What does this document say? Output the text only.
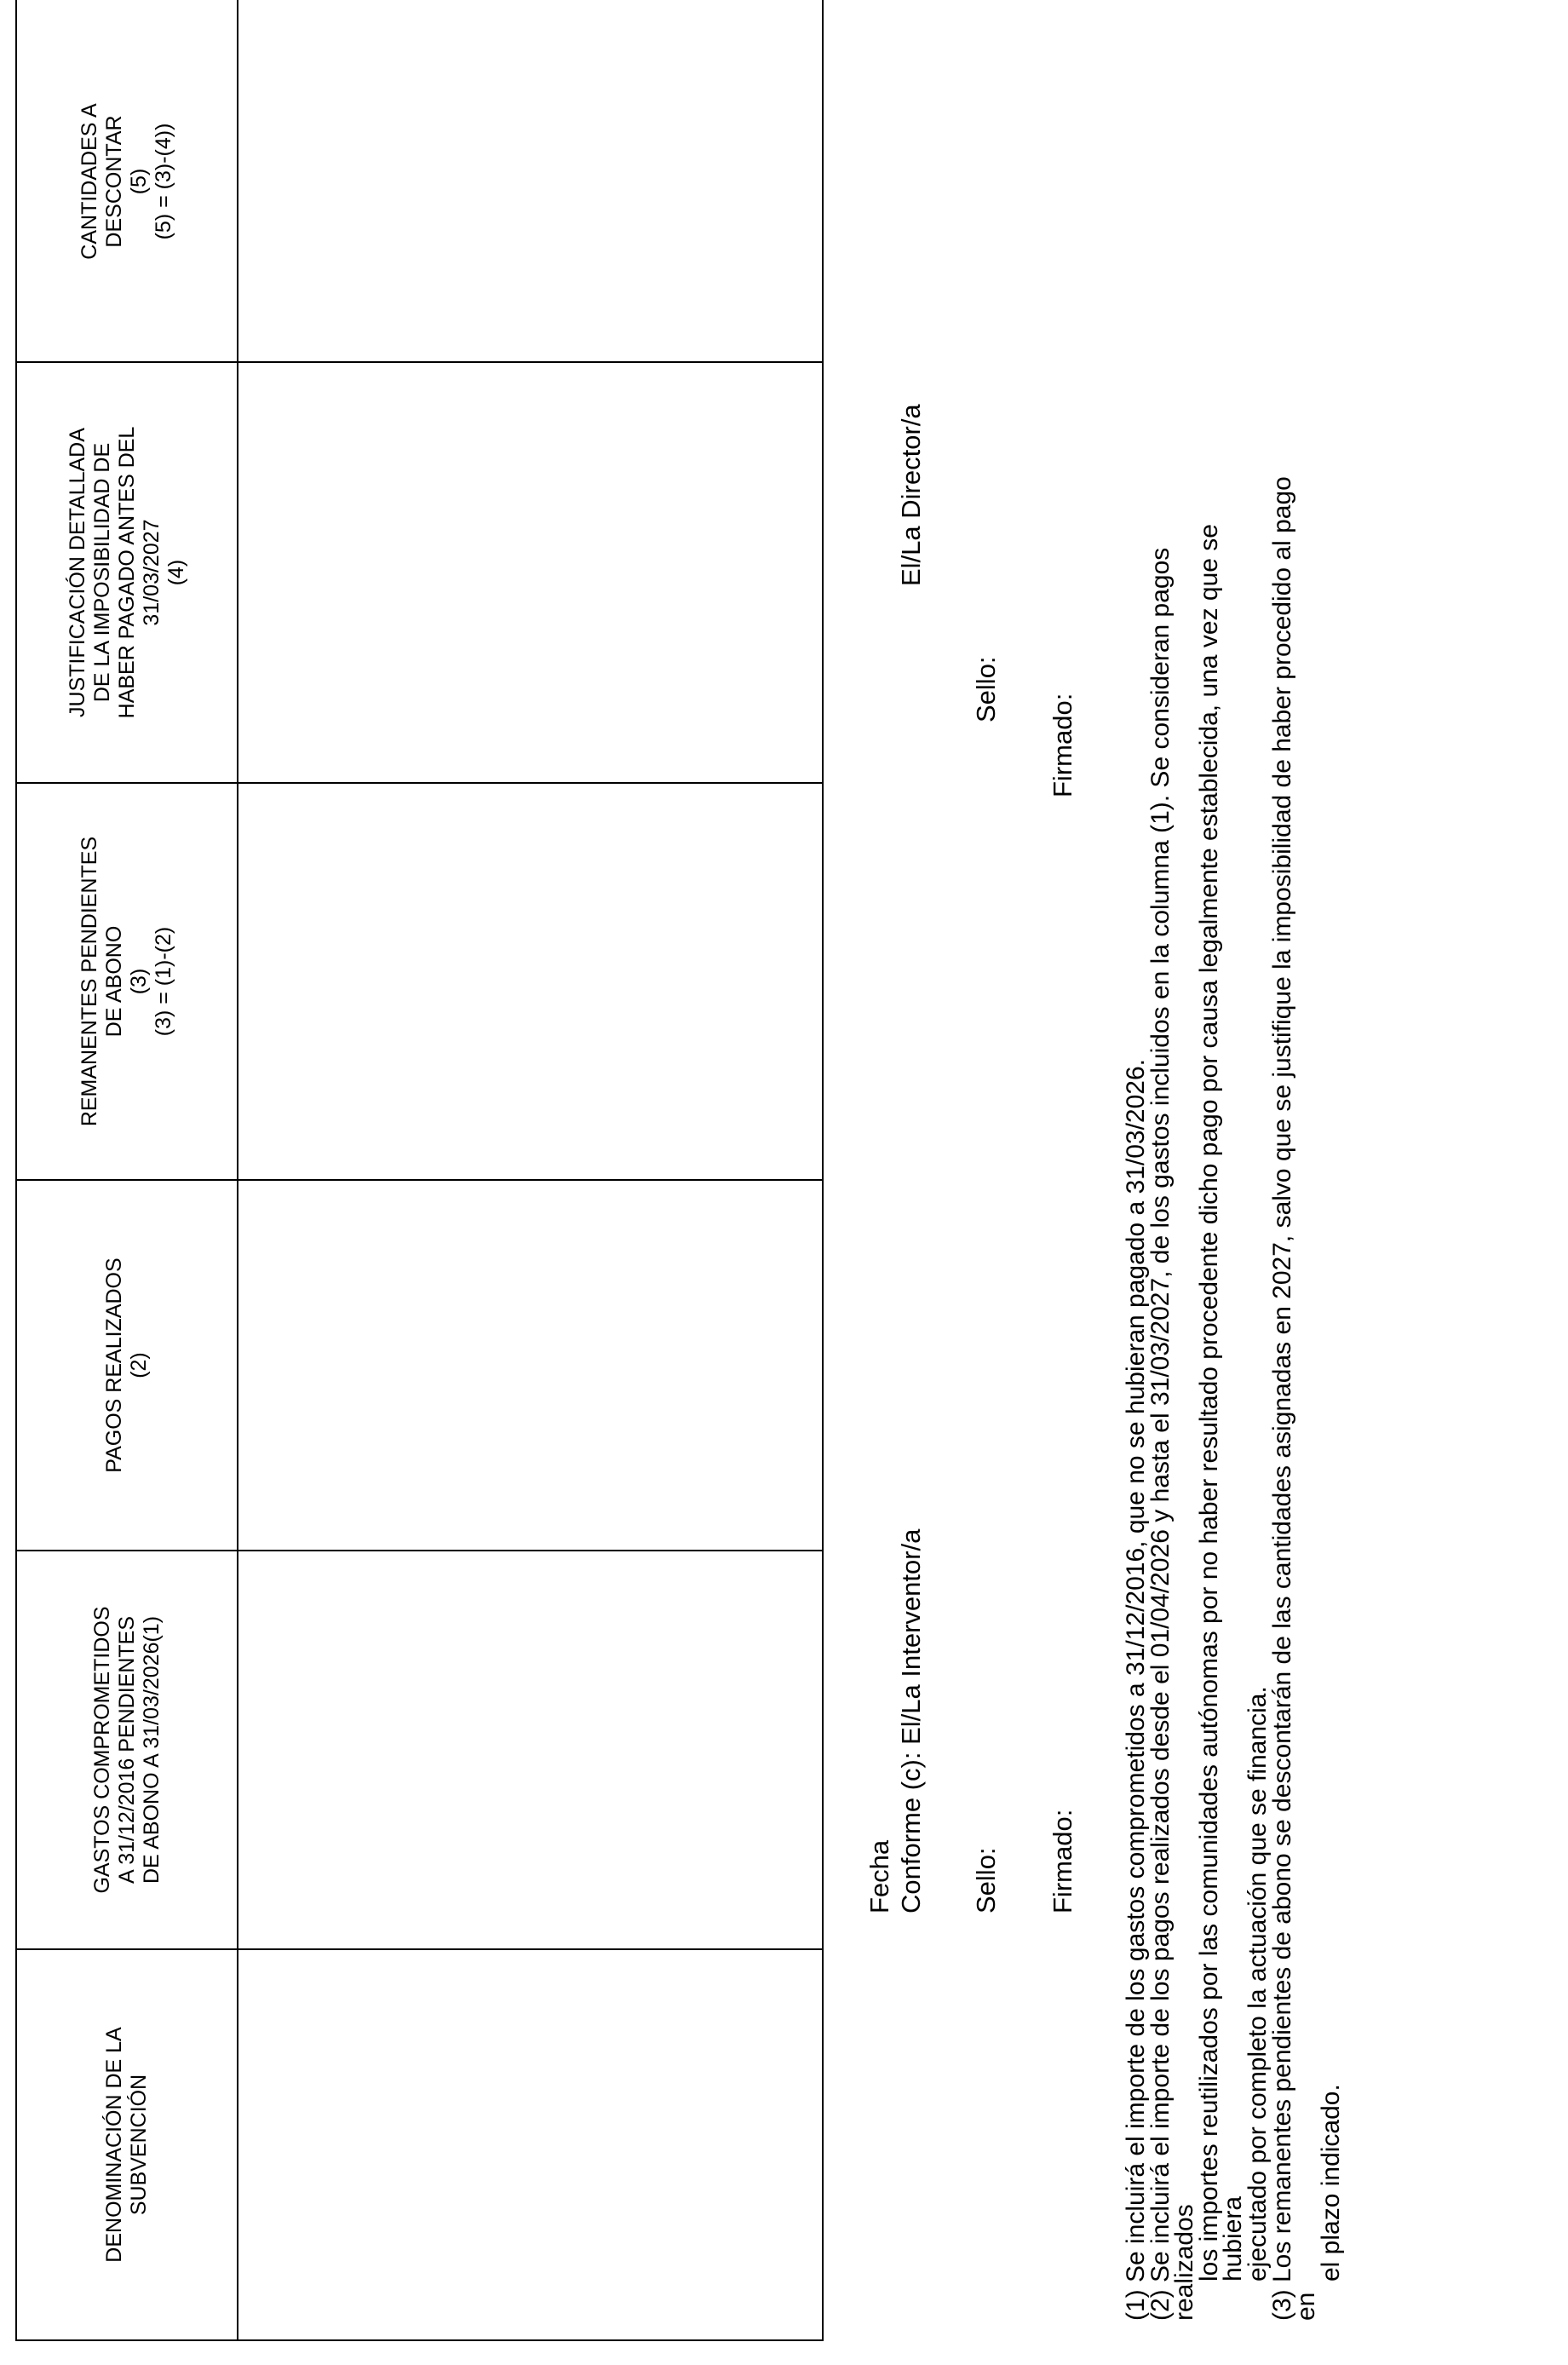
DENOMINACIÓN DE LA SUBVENCIÓN
GASTOS COMPROMETIDOS A 31/12/2016 PENDIENTES DE ABONO A 31/03/2026(1)
PAGOS REALIZADOS (2)
REMANENTES PENDIENTES DE ABONO (3) (3) = (1)-(2)
JUSTIFICACIÓN DETALLADA DE LA IMPOSIBILIDAD DE HABER PAGADO ANTES DEL 31/03/2027 (4)
CANTIDADES A DESCONTAR (5) (5) = (3)-(4))
Fecha Conforme (c): El/La Interventor/a Sello: Firmado:
El/La Director/a
Sello:
Firmado:

(1) Se incluirá el importe de los gastos comprometidos a 31/12/2016, que no se hubieran pagado a 31/03/2026.

(2) Se incluirá el importe de los pagos realizados desde el 01/04/2026 y hasta el 31/03/2027, de los gastos incluidos en la columna (1). Se consideran pagos realizados

los importes reutilizados por las comunidades autónomas por no haber resultado procedente dicho pago por causa legalmente establecida, una vez que se hubiera

ejecutado por completo la actuación que se financia.

(3) Los remanentes pendientes de abono se descontarán de las cantidades asignadas en 2027, salvo que se justifique la imposibilidad de haber procedido al pago en

el plazo indicado.
